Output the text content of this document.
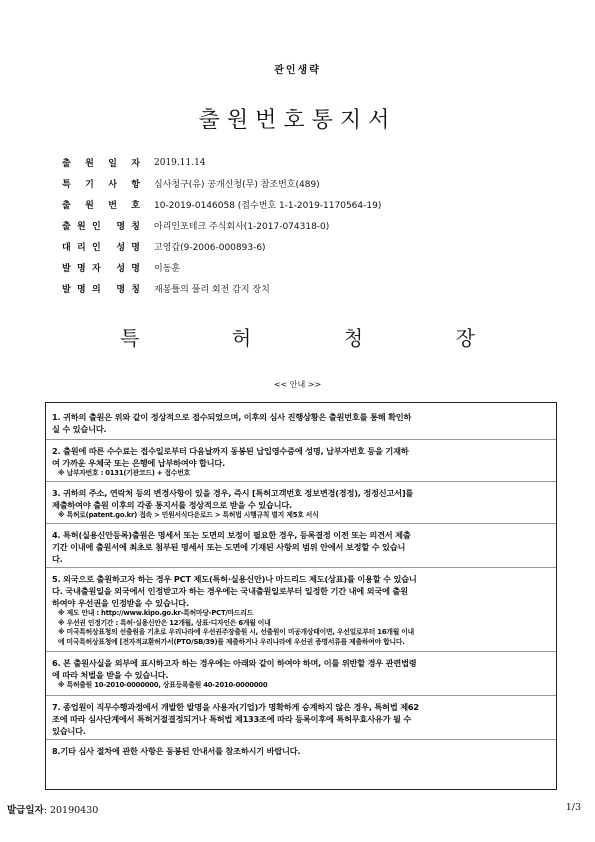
관인생략
출원번호통지서
출 원 일 자 2019.11.14
특 기 사 항 심사청구(유) 공개신청(무) 참조번호(489)
출 원 번 호 10-2019-0146058 (접수번호 1-1-2019-1170564-19)
출 원 인
명 칭 아리인포테크 주식회사(1-2017-074318-0)
대 리 인
성 명 고영갑(9-2006-000893-6)
발 명 자
성 명 이동훈
발 명 의
명 칭 재봉틀의 풀리 회전 감지 장치
특	허	청	장
<< 안내 >>
1. 귀하의 출원은 위와 같이 정상적으로 접수되었으며, 이후의 심사 진행상황은 출원번호를 통해 확인하
실 수 있습니다.
2. 출원에 따른 수수료는 접수일로부터 다음날까지 동봉된 납입영수증에 성명, 납부자번호 등을 기재하
여 가까운 우체국 또는 은행에 납부하여야 합니다.
※ 납부자번호 : 0131(기관코드) + 접수번호
3. 귀하의 주소, 연락처 등의 변경사항이 있을 경우, 즉시 [특허고객번호 정보변경(경정), 정정신고서]를
제출하여야 출원 이후의 각종 통지서를 정상적으로 받을 수 있습니다.
※ 특허로(patent.go.kr) 접속 > 민원서식다운로드 > 특허법 시행규칙 별지 제5호 서식
4. 특허(실용신안등록)출원은 명세서 또는 도면의 보정이 필요한 경우, 등록결정 이전 또는 의견서 제출
기간 이내에 출원서에 최초로 첨부된 명세서 또는 도면에 기재된 사항의 범위 안에서 보정할 수 있습니
다.
5. 외국으로 출원하고자 하는 경우 PCT 제도(특허·실용신안)나 마드리드 제도(상표)를 이용할 수 있습니
다. 국내출원일을 외국에서 인정받고자 하는 경우에는 국내출원일로부터 일정한 기간 내에 외국에 출원
하여야 우선권을 인정받을 수 있습니다.
※ 제도 안내 : http://www.kipo.go.kr-특허마당-PCT/마드리드
※ 우선권 인정기간 : 특허·실용신안은 12개월, 상표·디자인은 6개월 이내
※ 미국특허상표청의 선출원을 기초로 우리나라에 우선권주장출원 시, 선출원이 미공개상태이면, 우선일로부터 16개월 이내
에 미국특허상표청에 [전자적교환허가서(PTO/SB/39)를 제출하거나 우리나라에 우선권 증명서류를 제출하여야 합니다.
6. 본 출원사실을 외부에 표시하고자 하는 경우에는 아래와 같이 하여야 하며, 이를 위반할 경우 관련법령
에 따라 처벌을 받을 수 있습니다.
※ 특허출원 10-2010-0000000, 상표등록출원 40-2010-0000000
7. 종업원이 직무수행과정에서 개발한 발명을 사용자(기업)가 명확하게 승계하지 않은 경우, 특허법 제62
조에 따라 심사단계에서 특허거절결정되거나 특허법 제133조에 따라 등록이후에 특허무효사유가 될 수
있습니다.
8.기타 심사 절차에 관한 사항은 동봉된 안내서를 참조하시기 바랍니다.
발급일자: 20190430	1/3
